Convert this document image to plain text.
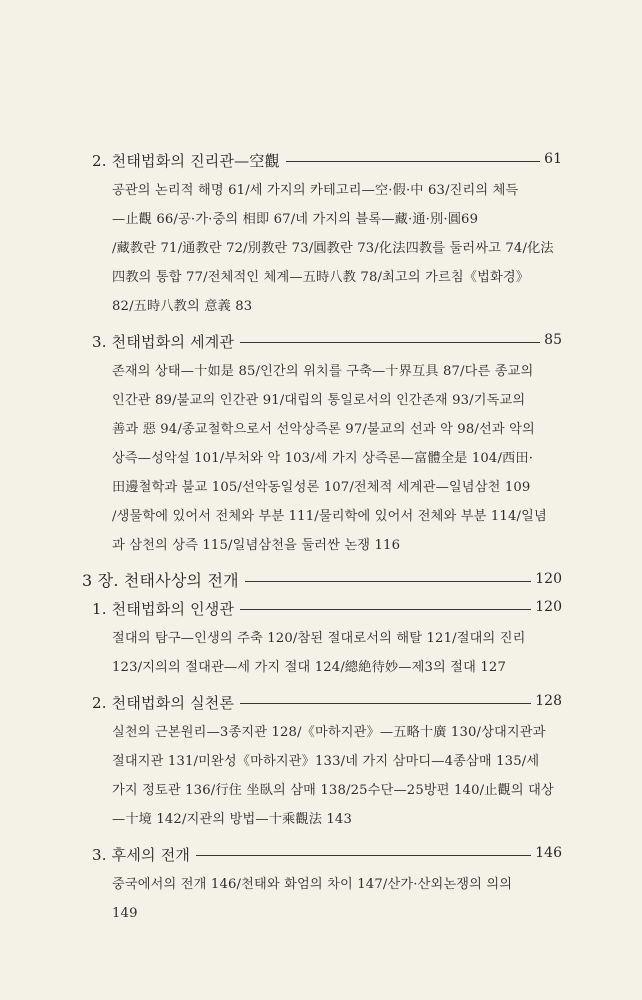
2. 천태법화의 진리관—空觀	61
공관의 논리적 해명 61/세 가지의 카테고리—空·假·中 63/진리의 체득
—止觀 66/공·가·중의 相即 67/네 가지의 블록—藏·通·別·圓69
/藏教란 71/通教란 72/別教란 73/圓教란 73/化法四教를 둘러싸고 74/化法
四教의 통합 77/전체적인 체계—五時八教 78/최고의 가르침《법화경》
82/五時八教의 意義 83
3. 천태법화의 세계관	85
존재의 상태—十如是 85/인간의 위치를 구축—十界互具 87/다른 종교의
인간관 89/불교의 인간관 91/대립의 통일로서의 인간존재 93/기독교의
善과 惡 94/종교철학으로서 선악상즉론 97/불교의 선과 악 98/선과 악의
상즉—성악설 101/부처와 악 103/세 가지 상즉론—富體全是 104/西田·
田邊철학과 불교 105/선악동일성론 107/전체적 세계관—일념삼천 109
/생물학에 있어서 전체와 부분 111/물리학에 있어서 전체와 부분 114/일념
과 삼천의 상즉 115/일념삼천을 둘러싼 논쟁 116
3 장. 천태사상의 전개	120
1. 천태법화의 인생관	120
절대의 탐구—인생의 주축 120/참된 절대로서의 해탈 121/절대의 진리
123/지의의 절대관—세 가지 절대 124/總絶待妙—제3의 절대 127
2. 천태법화의 실천론	128
실천의 근본원리—3종지관 128/《마하지관》—五略十廣 130/상대지관과
절대지관 131/미완성《마하지관》133/네 가지 삼마디—4종삼매 135/세
가지 정토관 136/行住 坐臥의 삼매 138/25수단—25방편 140/止觀의 대상
—十境 142/지관의 방법—十乘觀法 143
3. 후세의 전개	146
중국에서의 전개 146/천태와 화엄의 차이 147/산가·산외논쟁의 의의
149
